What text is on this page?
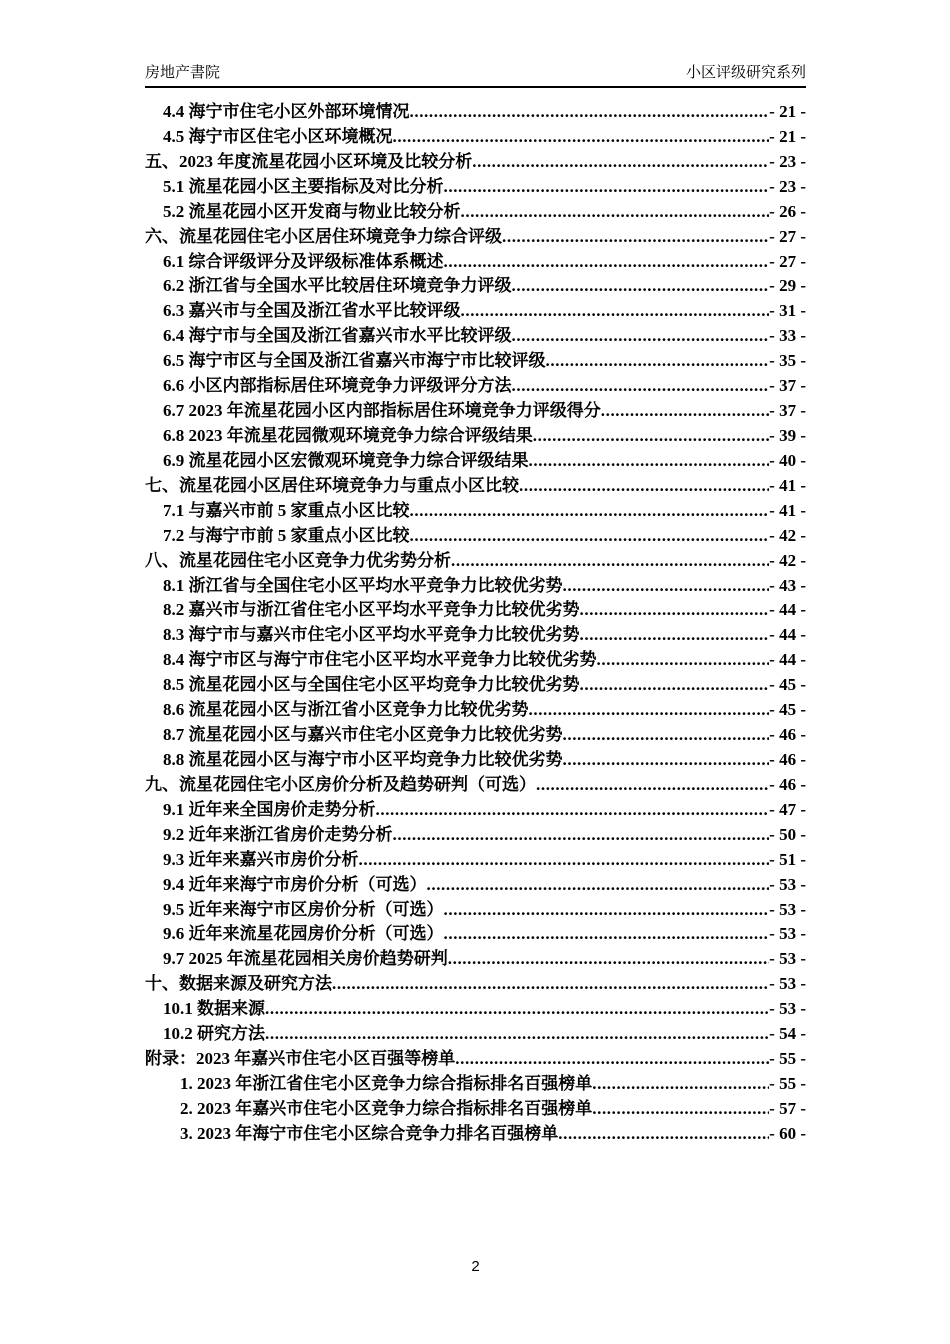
房地产書院	小区评级研究系列
4.4 海宁市住宅小区外部环境情况 .....	- 21 -
4.5 海宁市区住宅小区环境概况 .....	- 21 -
五、2023 年度流星花园小区环境及比较分析 .....	- 23 -
5.1 流星花园小区主要指标及对比分析 .....	- 23 -
5.2 流星花园小区开发商与物业比较分析 .....	- 26 -
六、流星花园住宅小区居住环境竞争力综合评级 .....	- 27 -
6.1 综合评级评分及评级标准体系概述 .....	- 27 -
6.2 浙江省与全国水平比较居住环境竞争力评级 .....	- 29 -
6.3 嘉兴市与全国及浙江省水平比较评级 .....	- 31 -
6.4 海宁市与全国及浙江省嘉兴市水平比较评级 .....	- 33 -
6.5 海宁市区与全国及浙江省嘉兴市海宁市比较评级 .....	- 35 -
6.6 小区内部指标居住环境竞争力评级评分方法 .....	- 37 -
6.7 2023 年流星花园小区内部指标居住环境竞争力评级得分 .....	- 37 -
6.8 2023 年流星花园微观环境竞争力综合评级结果 .....	- 39 -
6.9 流星花园小区宏微观环境竞争力综合评级结果 .....	- 40 -
七、流星花园小区居住环境竞争力与重点小区比较 .....	- 41 -
7.1 与嘉兴市前 5 家重点小区比较 .....	- 41 -
7.2 与海宁市前 5 家重点小区比较 .....	- 42 -
八、流星花园住宅小区竞争力优劣势分析 .....	- 42 -
8.1 浙江省与全国住宅小区平均水平竞争力比较优劣势 .....	- 43 -
8.2 嘉兴市与浙江省住宅小区平均水平竞争力比较优劣势 .....	- 44 -
8.3 海宁市与嘉兴市住宅小区平均水平竞争力比较优劣势 .....	- 44 -
8.4 海宁市区与海宁市住宅小区平均水平竞争力比较优劣势 .....	- 44 -
8.5 流星花园小区与全国住宅小区平均竞争力比较优劣势 .....	- 45 -
8.6 流星花园小区与浙江省小区竞争力比较优劣势 .....	- 45 -
8.7 流星花园小区与嘉兴市住宅小区竞争力比较优劣势 .....	- 46 -
8.8 流星花园小区与海宁市小区平均竞争力比较优劣势 .....	- 46 -
九、流星花园住宅小区房价分析及趋势研判（可选） .....	- 46 -
9.1 近年来全国房价走势分析 .....	- 47 -
9.2 近年来浙江省房价走势分析 .....	- 50 -
9.3 近年来嘉兴市房价分析 .....	- 51 -
9.4 近年来海宁市房价分析（可选） .....	- 53 -
9.5 近年来海宁市区房价分析（可选） .....	- 53 -
9.6 近年来流星花园房价分析（可选） .....	- 53 -
9.7 2025 年流星花园相关房价趋势研判 .....	- 53 -
十、数据来源及研究方法 .....	- 53 -
10.1 数据来源 .....	- 53 -
10.2 研究方法 .....	- 54 -
附录：2023 年嘉兴市住宅小区百强等榜单 .....	- 55 -
1. 2023 年浙江省住宅小区竞争力综合指标排名百强榜单 .....	- 55 -
2. 2023 年嘉兴市住宅小区竞争力综合指标排名百强榜单 .....	- 57 -
3. 2023 年海宁市住宅小区综合竞争力排名百强榜单 .....	- 60 -
2
